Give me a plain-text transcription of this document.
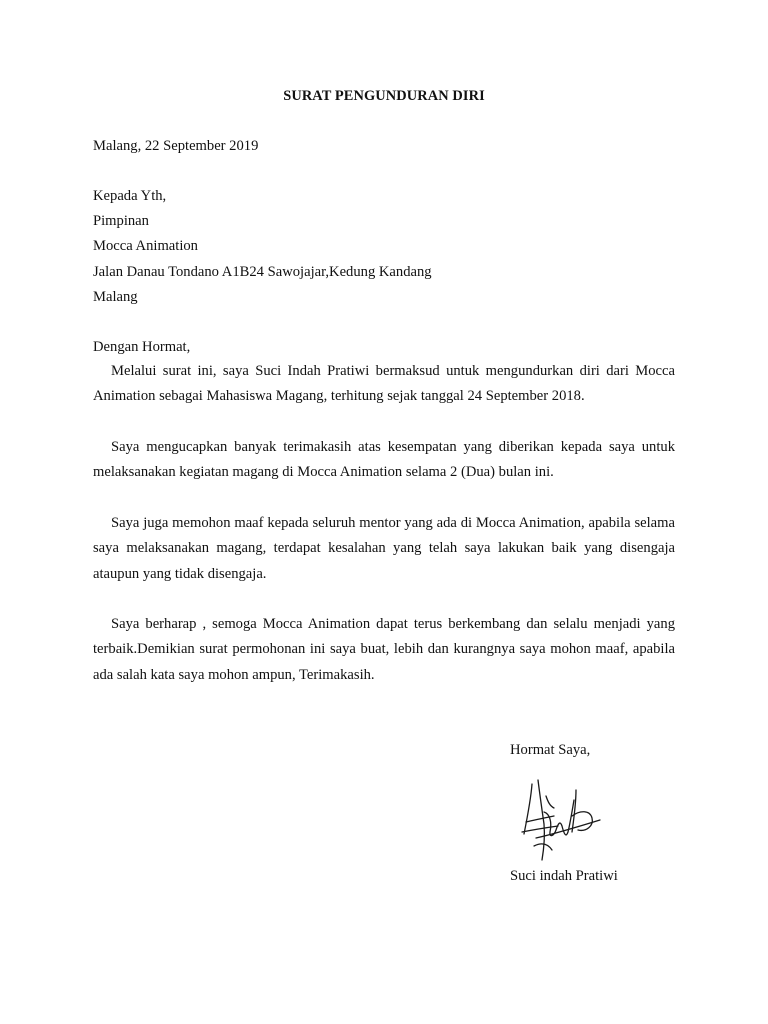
SURAT PENGUNDURAN DIRI
Malang, 22 September 2019
Kepada Yth,
Pimpinan
Mocca Animation
Jalan Danau Tondano A1B24 Sawojajar,Kedung Kandang
Malang
Dengan Hormat,

Melalui surat ini, saya Suci Indah Pratiwi bermaksud untuk mengundurkan diri dari Mocca Animation sebagai Mahasiswa Magang, terhitung sejak tanggal 24 September 2018.

Saya mengucapkan banyak terimakasih atas kesempatan yang diberikan kepada saya untuk melaksanakan kegiatan magang di Mocca Animation selama 2 (Dua) bulan ini.

Saya juga memohon maaf kepada seluruh mentor yang ada di Mocca Animation, apabila selama saya melaksanakan magang, terdapat kesalahan yang telah saya lakukan baik yang disengaja ataupun yang tidak disengaja.

Saya berharap , semoga Mocca Animation dapat terus berkembang dan selalu menjadi yang terbaik.Demikian surat permohonan ini saya buat, lebih dan kurangnya saya mohon maaf, apabila ada salah kata saya mohon ampun, Terimakasih.

Hormat Saya,
Suci indah Pratiwi
